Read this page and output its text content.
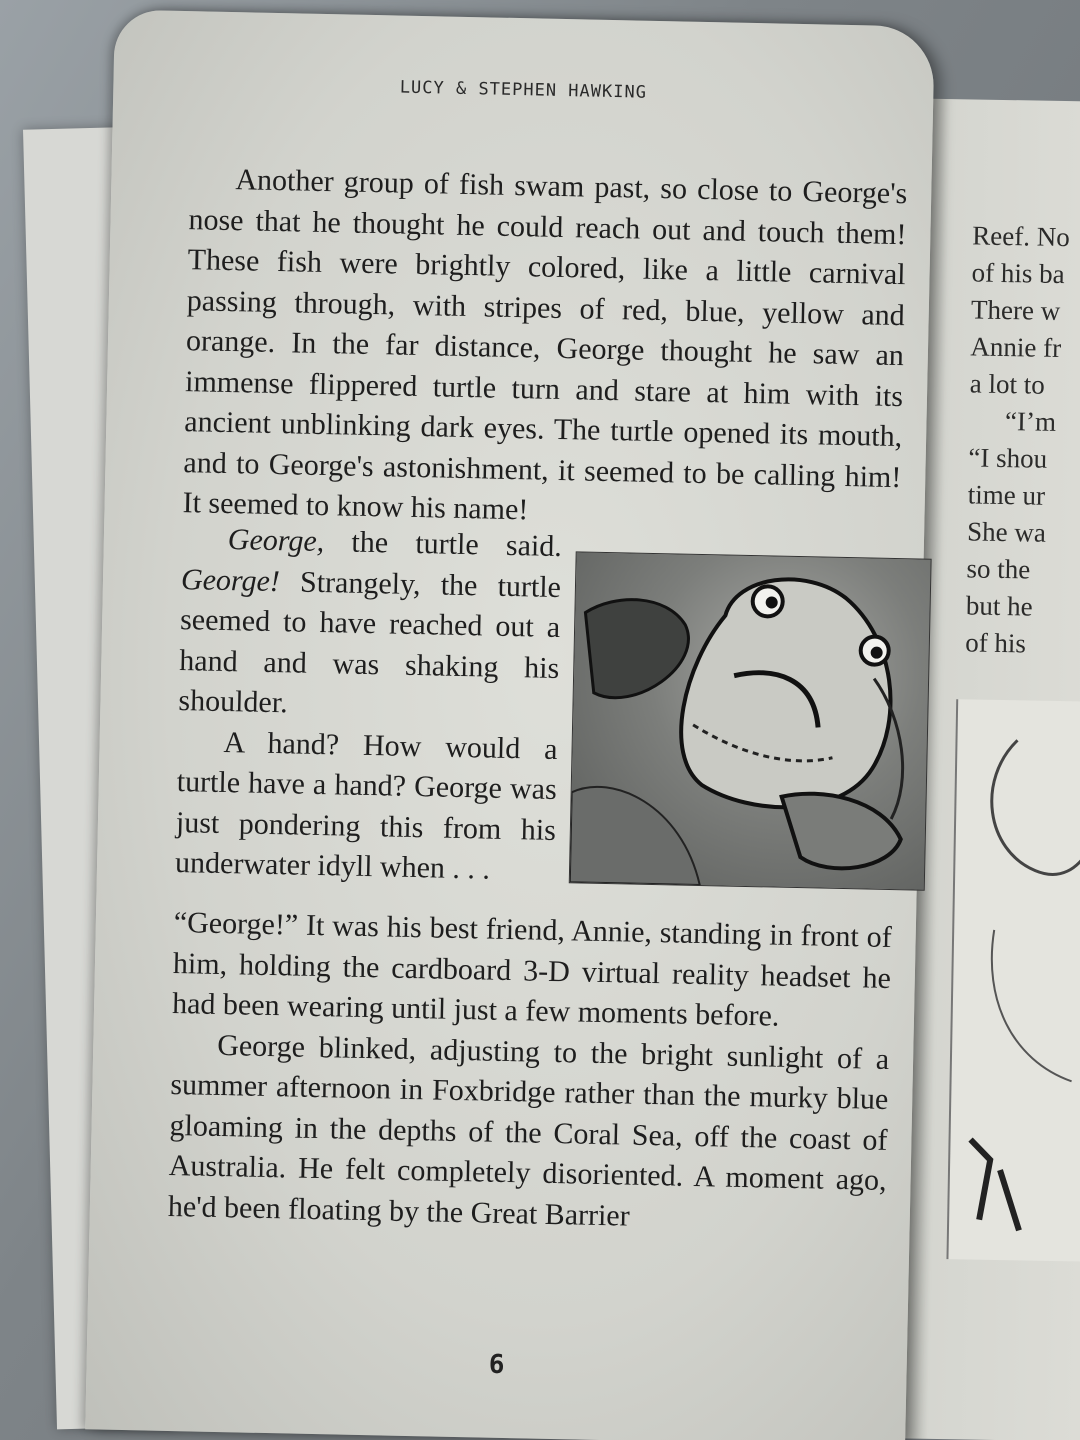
Reef. No
of his ba
There w
Annie fr
a lot to
“I’m
“I shou
time ur
She wa
so the
but he
of his
LUCY & STEPHEN HAWKING

Another group of fish swam past, so close to George's nose that he thought he could reach out and touch them! These fish were brightly colored, like a little carnival passing through, with stripes of red, blue, yellow and orange. In the far distance, George thought he saw an immense flippered turtle turn and stare at him with its ancient unblinking dark eyes. The turtle opened its mouth, and to George's astonishment, it seemed to be calling him! It seemed to know his name!

George, the turtle said. George! Strangely, the turtle seemed to have reached out a hand and was shaking his shoulder.

A hand? How would a turtle have a hand? George was just pondering this from his underwater idyll when . . .

“George!” It was his best friend, Annie, standing in front of him, holding the cardboard 3-D virtual reality headset he had been wearing until just a few moments before.

George blinked, adjusting to the bright sunlight of a summer afternoon in Foxbridge rather than the murky blue gloaming in the depths of the Coral Sea, off the coast of Australia. He felt completely disoriented. A moment ago, he'd been floating by the Great Barrier

6
